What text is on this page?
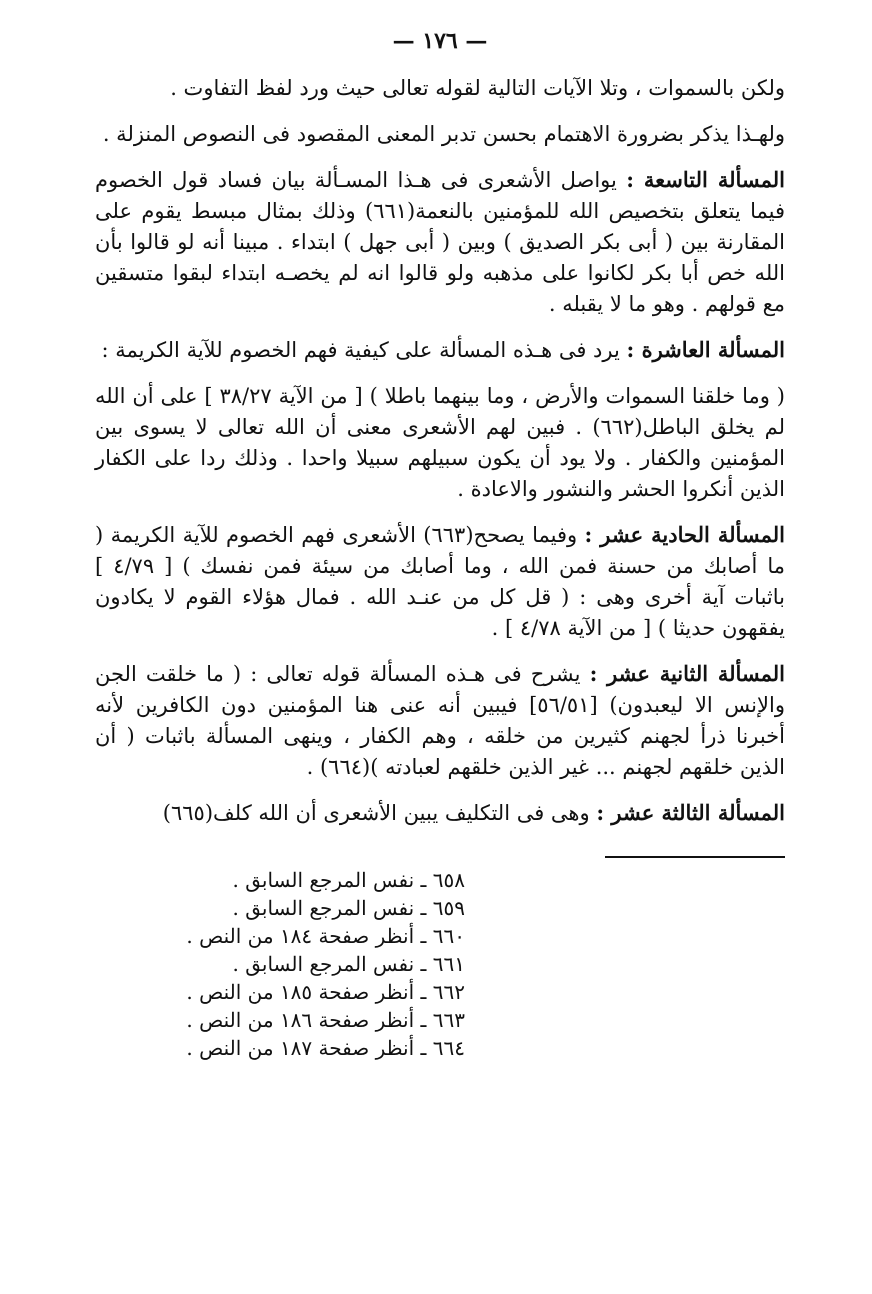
— ١٧٦ —

ولكن بالسموات ، وتلا الآيات التالية لقوله تعالى حيث ورد لفظ التفاوت .

ولهـذا يذكر بضرورة الاهتمام بحسن تدبر المعنى المقصود فى النصوص المنزلة .

المسألة التاسعة : يواصل الأشعرى فى هـذا المسـألة بيان فساد قول الخصوم فيما يتعلق بتخصيص الله للمؤمنين بالنعمة(٦٦١) وذلك بمثال مبسط يقوم على المقارنة بين ( أبى بكر الصديق ) وبين ( أبى جهل ) ابتداء . مبينا أنه لو قالوا بأن الله خص أبا بكر لكانوا على مذهبه ولو قالوا انه لم يخصـه ابتداء لبقوا متسقين مع قولهم . وهو ما لا يقبله .

المسألة العاشرة : يرد فى هـذه المسألة على كيفية فهم الخصوم للآية الكريمة :

( وما خلقنا السموات والأرض ، وما بينهما باطلا ) [ من الآية ٣٨/٢٧ ] على أن الله لم يخلق الباطل(٦٦٢) . فبين لهم الأشعرى معنى أن الله تعالى لا يسوى بين المؤمنين والكفار . ولا يود أن يكون سبيلهم سبيلا واحدا . وذلك ردا على الكفار الذين أنكروا الحشر والنشور والاعادة .

المسألة الحادية عشر : وفيما يصحح(٦٦٣) الأشعرى فهم الخصوم للآية الكريمة ( ما أصابك من حسنة فمن الله ، وما أصابك من سيئة فمن نفسك ) [ ٤/٧٩ ] باثبات آية أخرى وهى : ( قل كل من عنـد الله . فمال هؤلاء القوم لا يكادون يفقهون حديثا ) [ من الآية ٤/٧٨ ] .

المسألة الثانية عشر : يشرح فى هـذه المسألة قوله تعالى : ( ما خلقت الجن والإنس الا ليعبدون) [٥٦/٥١] فيبين أنه عنى هنا المؤمنين دون الكافرين لأنه أخبرنا ذرأ لجهنم كثيرين من خلقه ، وهم الكفار ، وينهى المسألة باثبات ( أن الذين خلقهم لجهنم ... غير الذين خلقهم لعبادته )(٦٦٤) .

المسألة الثالثة عشر : وهى فى التكليف يبين الأشعرى أن الله كلف(٦٦٥)

٦٥٨ ـ نفس المرجع السابق .
٦٥٩ ـ نفس المرجع السابق .
٦٦٠ ـ أنظر صفحة ١٨٤ من النص .
٦٦١ ـ نفس المرجع السابق .
٦٦٢ ـ أنظر صفحة ١٨٥ من النص .
٦٦٣ ـ أنظر صفحة ١٨٦ من النص .
٦٦٤ ـ أنظر صفحة ١٨٧ من النص .
